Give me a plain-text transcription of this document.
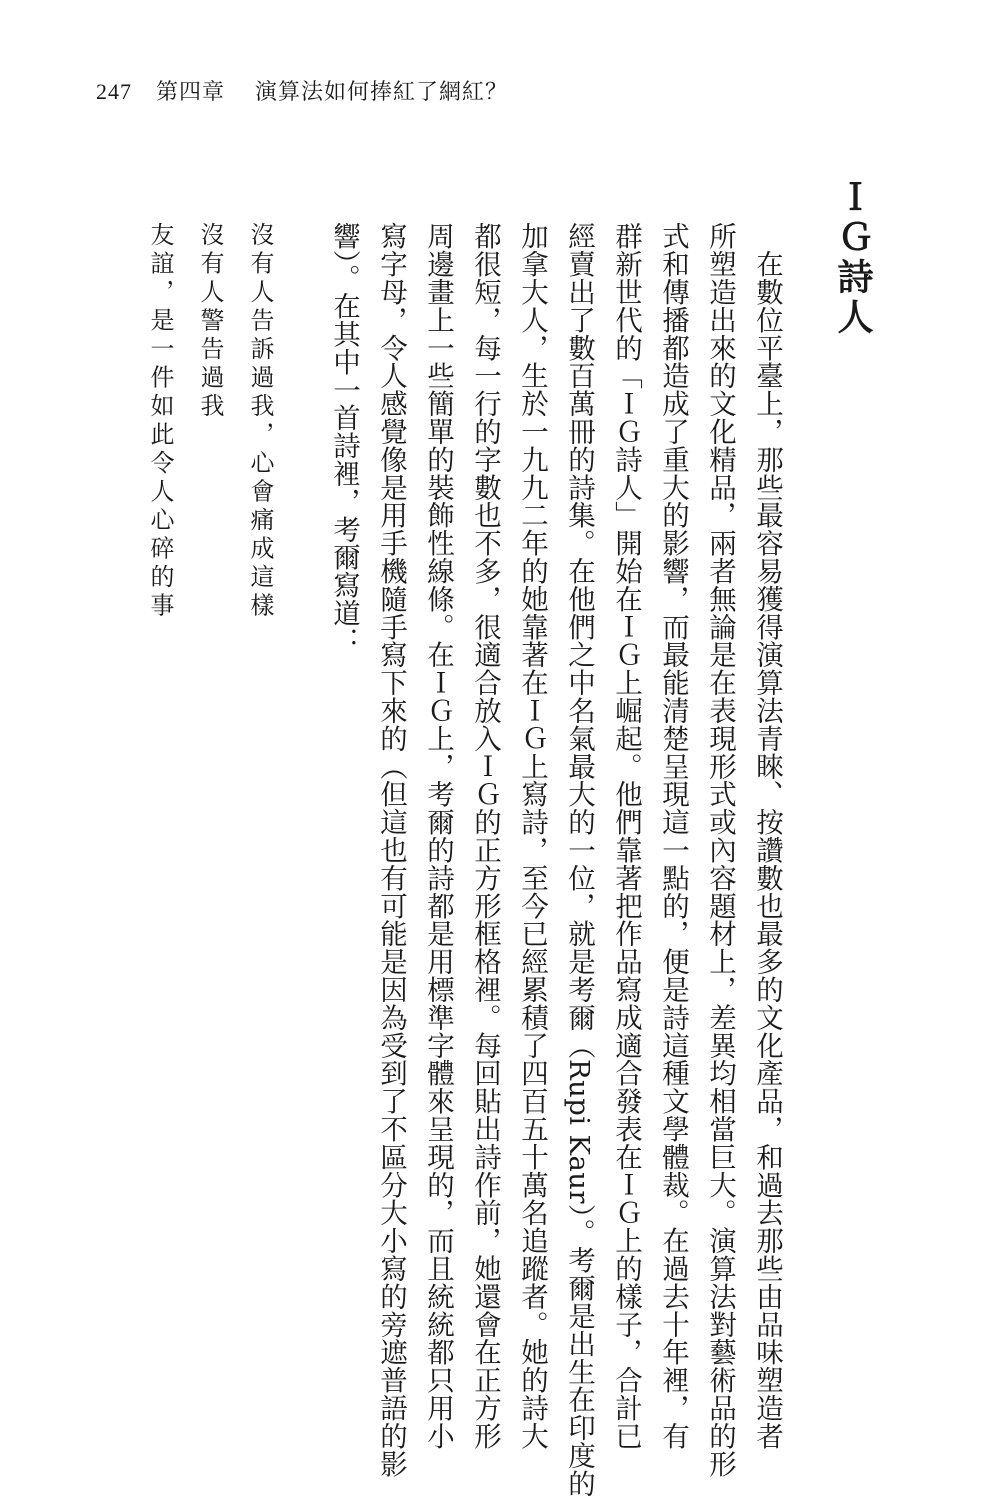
247 第四章 演算法如何捧紅了網紅？
ＩＧ詩人
　在數位平臺上，那些最容易獲得演算法青睞、按讚數也最多的文化產品，和過去那些由品味塑造者
所塑造出來的文化精品，兩者無論是在表現形式或內容題材上，差異均相當巨大。演算法對藝術品的形
式和傳播都造成了重大的影響，而最能清楚呈現這一點的，便是詩這種文學體裁。在過去十年裡，有
群新世代的「ＩＧ詩人」開始在ＩＧ上崛起。他們靠著把作品寫成適合發表在ＩＧ上的樣子，合計已
經賣出了數百萬冊的詩集。在他們之中名氣最大的一位，就是考爾（Rupi Kaur）。考爾是出生在印度的
加拿大人，生於一九九二年的她靠著在ＩＧ上寫詩，至今已經累積了四百五十萬名追蹤者。她的詩大
都很短，每一行的字數也不多，很適合放入ＩＧ的正方形框格裡。每回貼出詩作前，她還會在正方形
周邊畫上一些簡單的裝飾性線條。在ＩＧ上，考爾的詩都是用標準字體來呈現的，而且統統都只用小
寫字母，令人感覺像是用手機隨手寫下來的（但這也有可能是因為受到了不區分大小寫的旁遮普語的影
響）。在其中一首詩裡，考爾寫道：
沒有人告訴過我，心會痛成這樣
沒有人警告過我
友誼，是一件如此令人心碎的事
